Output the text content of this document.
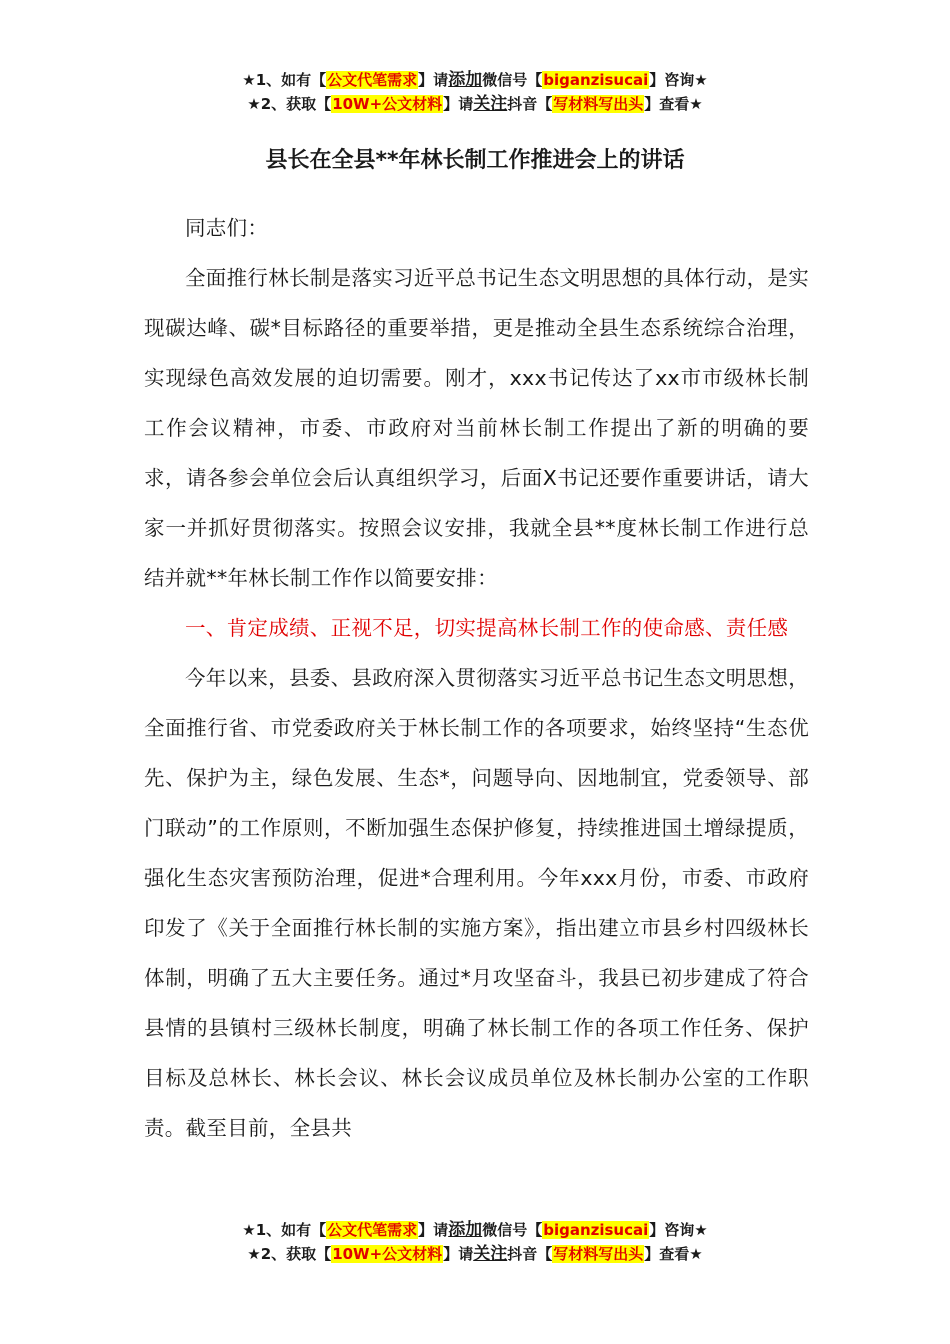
★1、如有【公文代笔需求】请添加微信号【biganzisucai】咨询★
★2、获取【10W+公文材料】请关注抖音【写材料写出头】查看★
县长在全县**年林长制工作推进会上的讲话

同志们：

全面推行林长制是落实习近平总书记生态文明思想的具体行动，是实现碳达峰、碳*目标路径的重要举措，更是推动全县生态系统综合治理，实现绿色高效发展的迫切需要。刚才，xxx书记传达了xx市市级林长制工作会议精神，市委、市政府对当前林长制工作提出了新的明确的要求，请各参会单位会后认真组织学习，后面X书记还要作重要讲话，请大家一并抓好贯彻落实。按照会议安排，我就全县**度林长制工作进行总结并就**年林长制工作作以简要安排：

一、肯定成绩、正视不足，切实提高林长制工作的使命感、责任感

今年以来，县委、县政府深入贯彻落实习近平总书记生态文明思想，全面推行省、市党委政府关于林长制工作的各项要求，始终坚持“生态优先、保护为主，绿色发展、生态*，问题导向、因地制宜，党委领导、部门联动”的工作原则，不断加强生态保护修复，持续推进国土增绿提质，强化生态灾害预防治理，促进*合理利用。今年xxx月份，市委、市政府印发了《关于全面推行林长制的实施方案》，指出建立市县乡村四级林长体制，明确了五大主要任务。通过*月攻坚奋斗，我县已初步建成了符合县情的县镇村三级林长制度，明确了林长制工作的各项工作任务、保护目标及总林长、林长会议、林长会议成员单位及林长制办公室的工作职责。截至目前，全县共

★1、如有【公文代笔需求】请添加微信号【biganzisucai】咨询★
★2、获取【10W+公文材料】请关注抖音【写材料写出头】查看★
